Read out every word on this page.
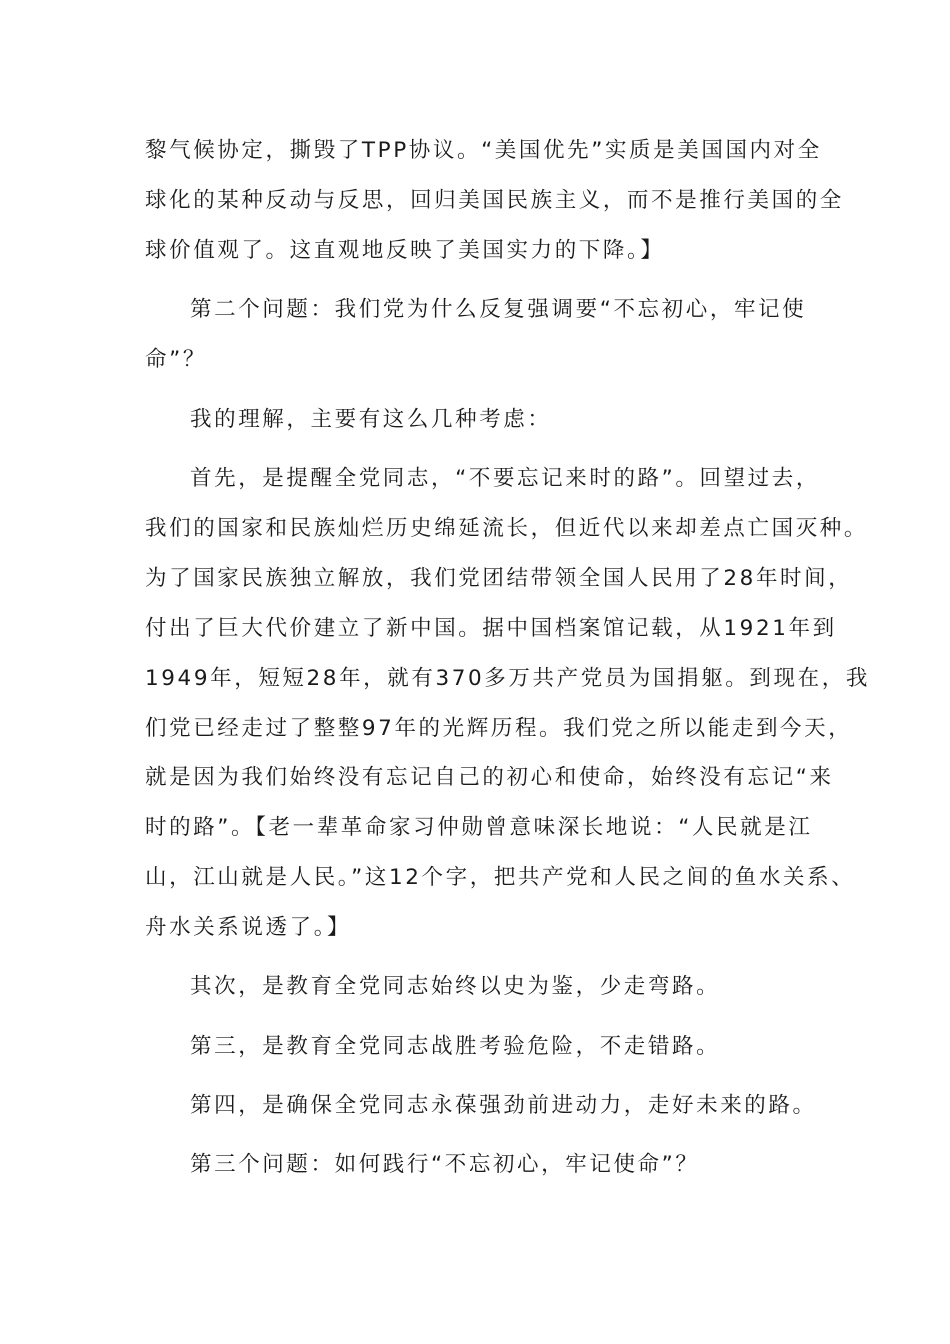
黎气候协定，撕毁了TPP协议。“美国优先”实质是美国国内对全
球化的某种反动与反思，回归美国民族主义，而不是推行美国的全
球价值观了。这直观地反映了美国实力的下降。】
第二个问题：我们党为什么反复强调要“不忘初心，牢记使
命”？
我的理解，主要有这么几种考虑：
首先，是提醒全党同志，“不要忘记来时的路”。回望过去，
我们的国家和民族灿烂历史绵延流长，但近代以来却差点亡国灭种。
为了国家民族独立解放，我们党团结带领全国人民用了28年时间，
付出了巨大代价建立了新中国。据中国档案馆记载，从1921年到
1949年，短短28年，就有370多万共产党员为国捐躯。到现在，我
们党已经走过了整整97年的光辉历程。我们党之所以能走到今天，
就是因为我们始终没有忘记自己的初心和使命，始终没有忘记“来
时的路”。【老一辈革命家习仲勋曾意味深长地说：“人民就是江
山，江山就是人民。”这12个字，把共产党和人民之间的鱼水关系、
舟水关系说透了。】
其次，是教育全党同志始终以史为鉴，少走弯路。
第三，是教育全党同志战胜考验危险，不走错路。
第四，是确保全党同志永葆强劲前进动力，走好未来的路。
第三个问题：如何践行“不忘初心，牢记使命”？
